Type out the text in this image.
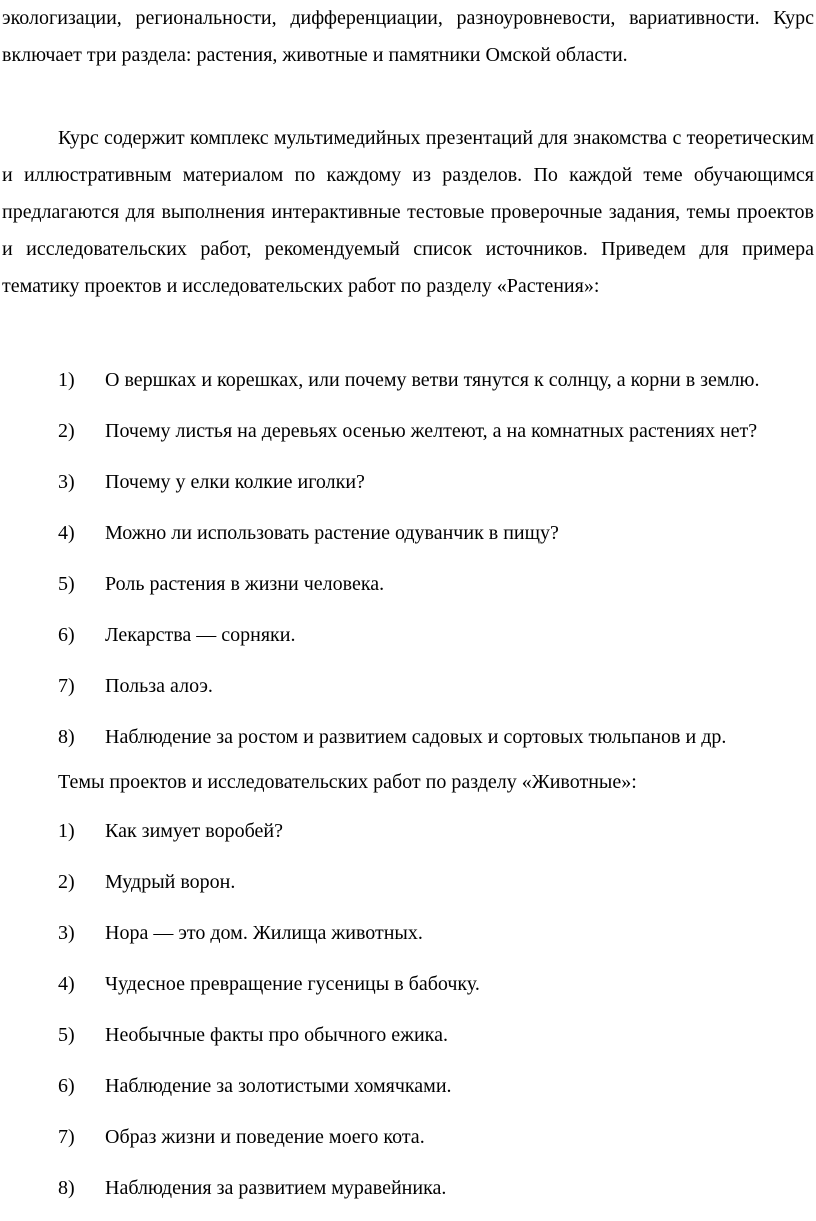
экологизации, региональности, дифференциации, разноуровневости, вариативности. Курс включает три раздела: растения, животные и памятники Омской области.

Курс содержит комплекс мультимедийных презентаций для знакомства с теоретическим и иллюстративным материалом по каждому из разделов. По каждой теме обучающимся предлагаются для выполнения интерактивные тестовые проверочные задания, темы проектов и исследовательских работ, рекомендуемый список источников. Приведем для примера тематику проектов и исследовательских работ по разделу «Растения»:

1) О вершках и корешках, или почему ветви тянутся к солнцу, а корни в землю.
2) Почему листья на деревьях осенью желтеют, а на комнатных растениях нет?
3) Почему у елки колкие иголки?
4) Можно ли использовать растение одуванчик в пищу?
5) Роль растения в жизни человека.
6) Лекарства — сорняки.
7) Польза алоэ.
8) Наблюдение за ростом и развитием садовых и сортовых тюльпанов и др.

Темы проектов и исследовательских работ по разделу «Животные»:

1) Как зимует воробей?
2) Мудрый ворон.
3) Нора — это дом. Жилища животных.
4) Чудесное превращение гусеницы в бабочку.
5) Необычные факты про обычного ежика.
6) Наблюдение за золотистыми хомячками.
7) Образ жизни и поведение моего кота.
8) Наблюдения за развитием муравейника.
